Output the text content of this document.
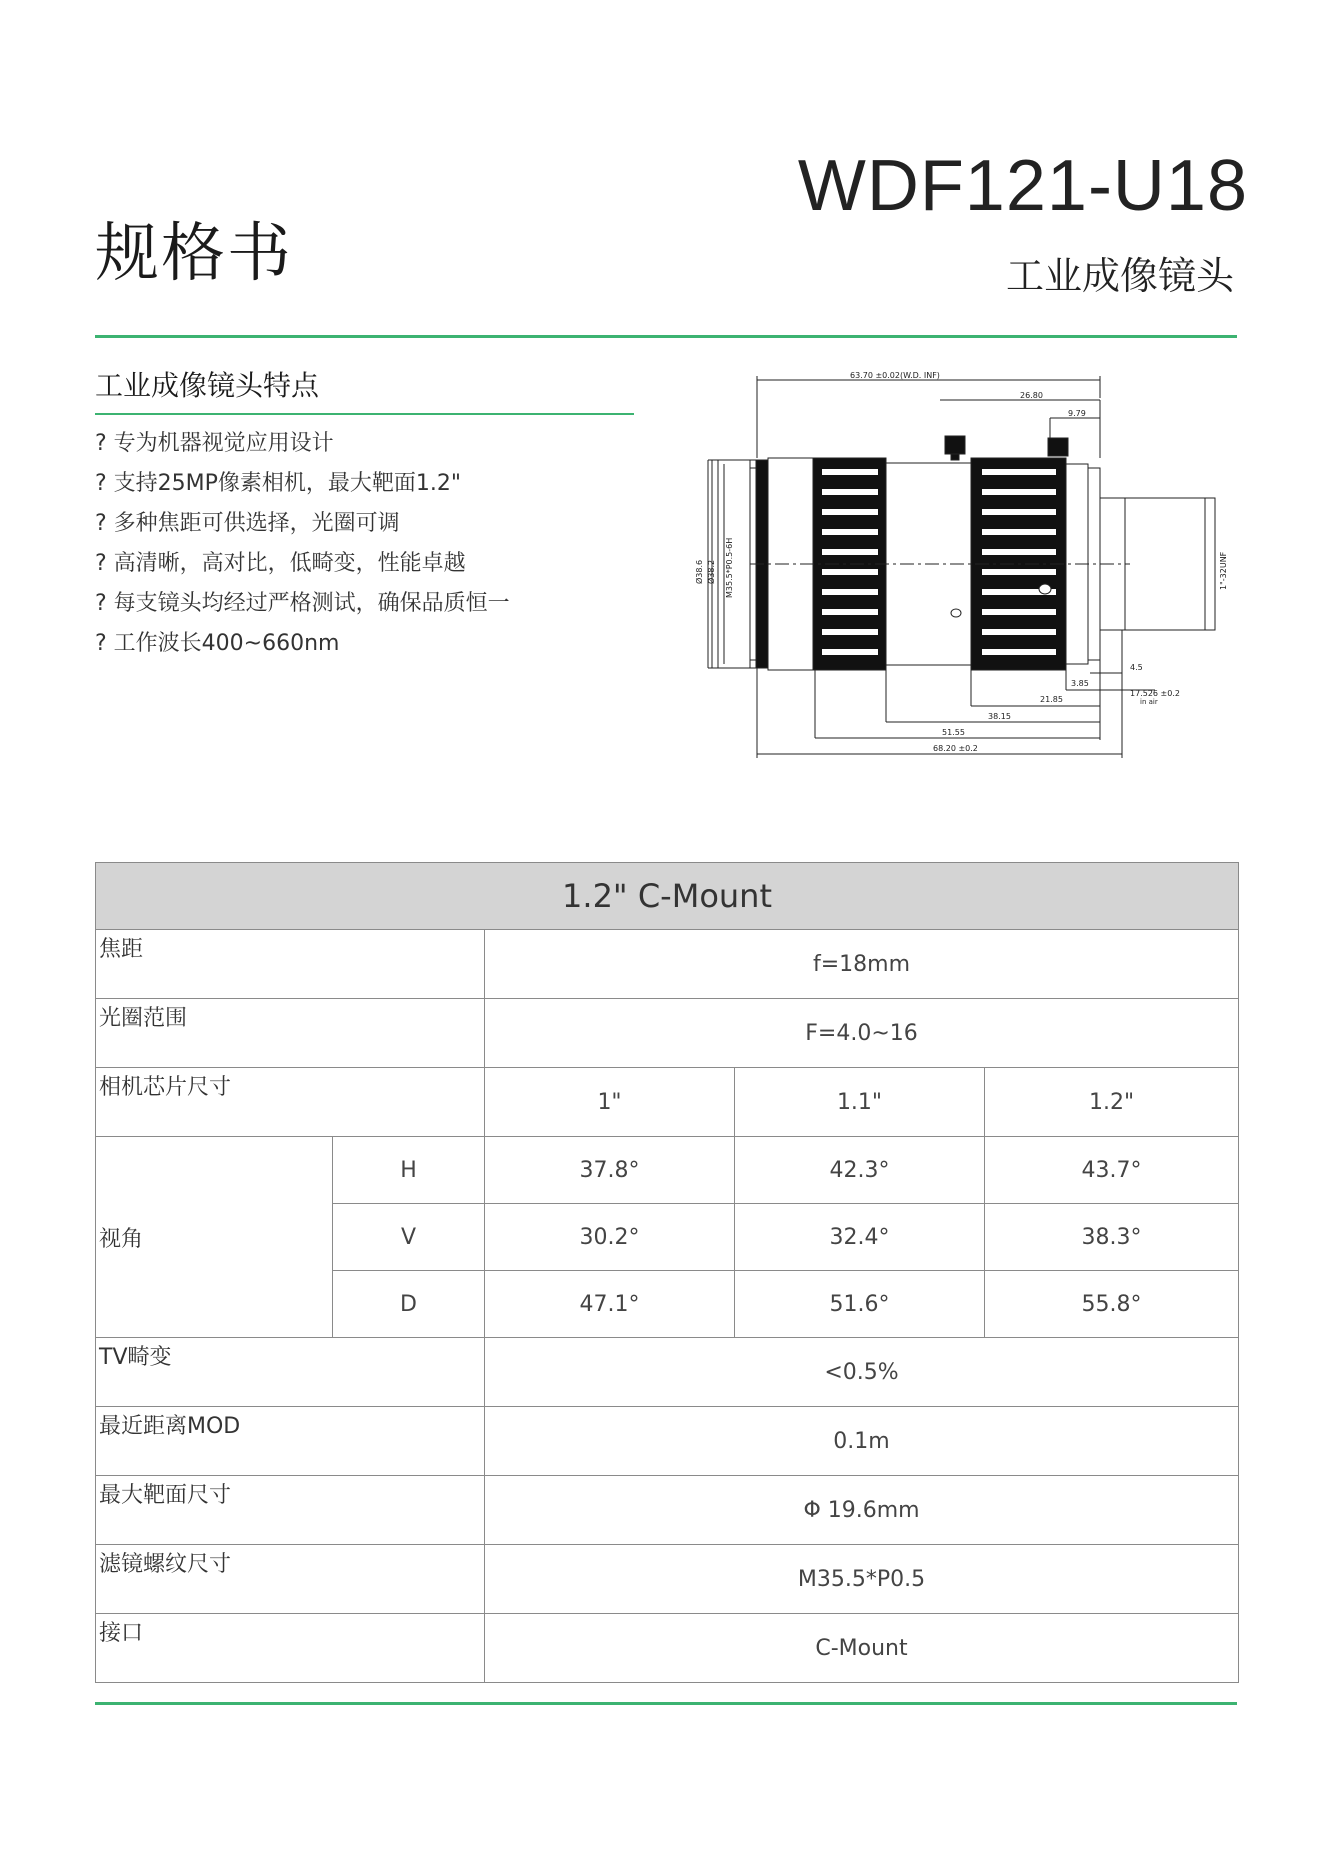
规格书
WDF121-U18
工业成像镜头
工业成像镜头特点
? 专为机器视觉应用设计
? 支持25MP像素相机，最大靶面1.2"
? 多种焦距可供选择，光圈可调
? 高清晰，高对比，低畸变，性能卓越
? 每支镜头均经过严格测试，确保品质恒一
? 工作波长400~660nm
63.70 ±0.02(W.D. INF)
26.80
9.79
Ø38.6 Ø38.2 M35.5*P0.5-6H	1"-32UNF
4.5
3.85
17.526 ±0.2
in air
21.85
38.15
51.55
68.20 ±0.2
1.2" C-Mount				
焦距		f=18mm		
光圈范围		F=4.0~16		
相机芯片尺寸		1"	1.1"	1.2"
视角	H	37.8°	42.3°	43.7°
	V	30.2°	32.4°	38.3°
	D	47.1°	51.6°	55.8°
TV畸变		<0.5%		
最近距离MOD		0.1m		
最大靶面尺寸		Φ 19.6mm		
滤镜螺纹尺寸		M35.5*P0.5		
接口		C-Mount		
